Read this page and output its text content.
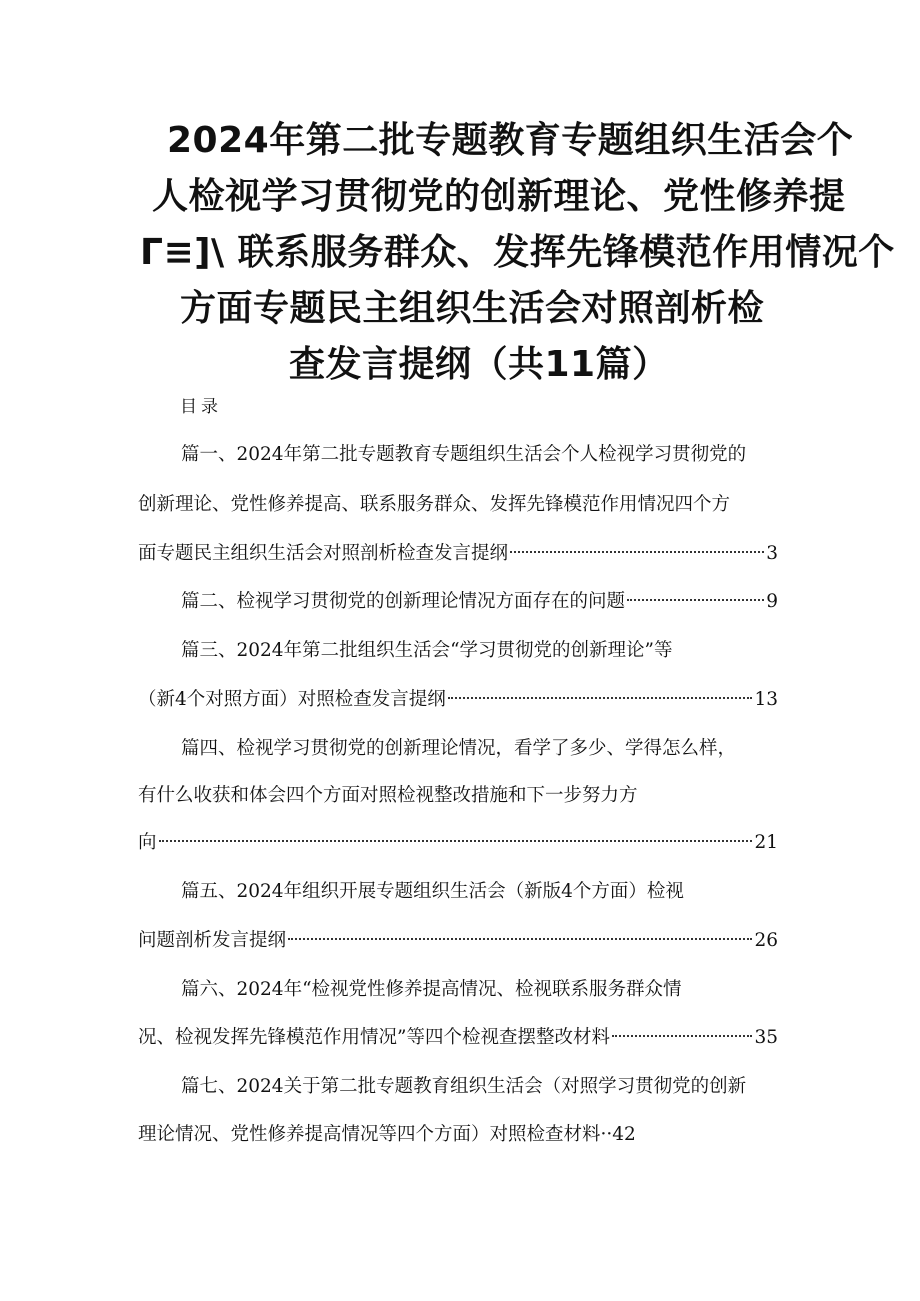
2024年第二批专题教育专题组织生活会个
人检视学习贯彻党的创新理论、党性修养提
Γ≡]\ 联系服务群众、发挥先锋模范作用情况个
方面专题民主组织生活会对照剖析检
查发言提纲（共11篇）
目录
篇一、2024年第二批专题教育专题组织生活会个人检视学习贯彻党的
创新理论、党性修养提高、联系服务群众、发挥先锋模范作用情况四个方
面专题民主组织生活会对照剖析检查发言提纲	3
篇二、检视学习贯彻党的创新理论情况方面存在的问题	9
篇三、2024年第二批组织生活会“学习贯彻党的创新理论”等
（新4个对照方面）对照检查发言提纲	13
篇四、检视学习贯彻党的创新理论情况，看学了多少、学得怎么样，
有什么收获和体会四个方面对照检视整改措施和下一步努力方
向	21
篇五、2024年组织开展专题组织生活会（新版4个方面）检视
问题剖析发言提纲	26
篇六、2024年“检视党性修养提高情况、检视联系服务群众情
况、检视发挥先锋模范作用情况”等四个检视查摆整改材料	35
篇七、2024关于第二批专题教育组织生活会（对照学习贯彻党的创新
理论情况、党性修养提高情况等四个方面）对照检查材料··42
